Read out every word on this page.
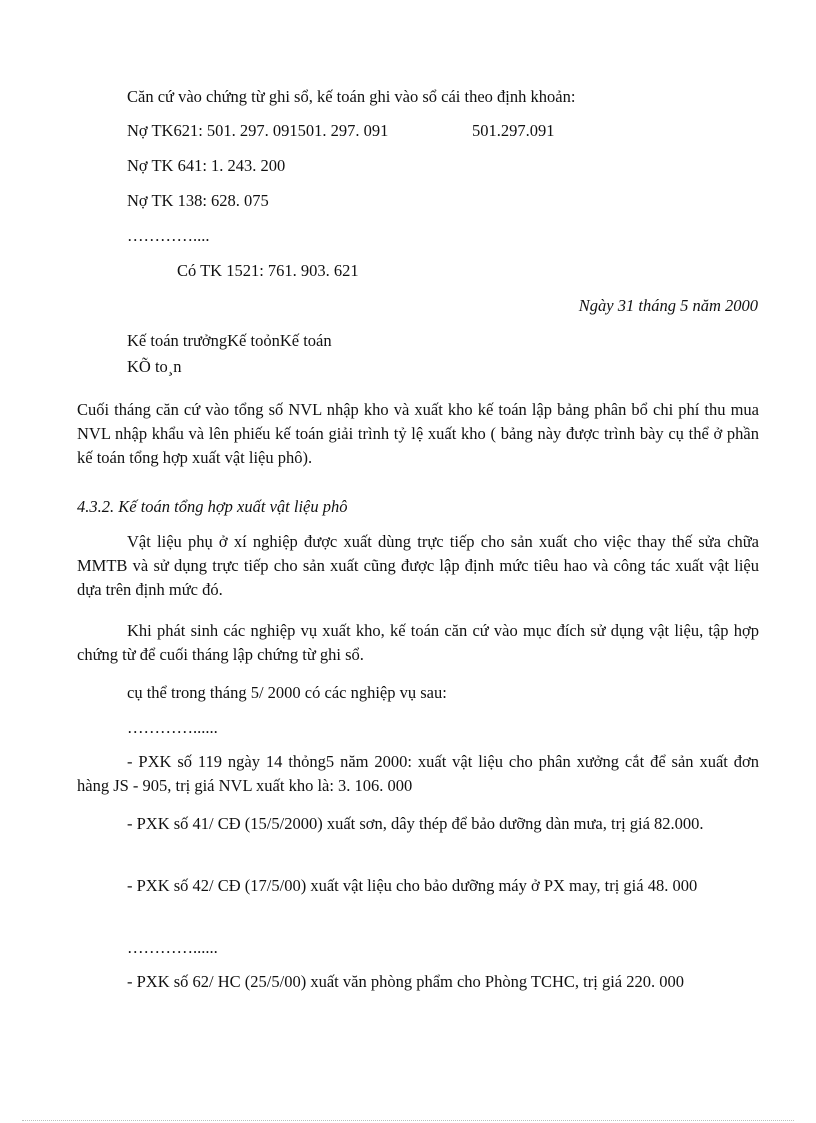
Căn cứ vào chứng từ ghi sổ, kế toán ghi vào sổ cái theo định khoản:
Nợ TK621: 501. 297. 091501. 297. 091	501.297.091
Nợ TK 641: 1. 243. 200
Nợ TK 138: 628. 075
…………....
Có TK 1521: 761. 903. 621
Ngày 31 tháng 5 năm 2000
Kế toán trưởngKế toỏnKế toán
KÕ to¸n
Cuối tháng căn cứ vào tổng số NVL nhập kho và xuất kho kế toán lập bảng phân bổ chi phí thu mua NVL nhập khẩu và lên phiếu kế toán giải trình tỷ lệ xuất kho ( bảng này được trình bày cụ thể ở phần kế toán tổng hợp xuất vật liệu phô).
4.3.2. Kế toán tổng hợp xuất vật liệu phô
Vật liệu phụ ở xí nghiệp được xuất dùng trực tiếp cho sản xuất cho việc thay thế sửa chữa MMTB và sử dụng trực tiếp cho sản xuất cũng được lập định mức tiêu hao và công tác xuất vật liệu dựa trên định mức đó.
Khi phát sinh các nghiệp vụ xuất kho, kế toán căn cứ vào mục đích sử dụng vật liệu, tập hợp chứng từ để cuối tháng lập chứng từ ghi sổ.
cụ thể trong tháng 5/ 2000 có các nghiệp vụ sau:
…………......
- PXK số 119 ngày 14 thỏng5 năm 2000: xuất vật liệu cho phân xưởng cắt để sản xuất đơn hàng JS - 905, trị giá NVL xuất kho là: 3. 106. 000
- PXK số 41/ CĐ (15/5/2000) xuất sơn, dây thép để bảo dưỡng dàn mưa, trị giá 82.000.
- PXK số 42/ CĐ (17/5/00) xuất vật liệu cho bảo dưỡng máy ở PX may, trị giá 48. 000
…………......
- PXK số 62/ HC (25/5/00) xuất văn phòng phẩm cho Phòng TCHC, trị giá 220. 000
